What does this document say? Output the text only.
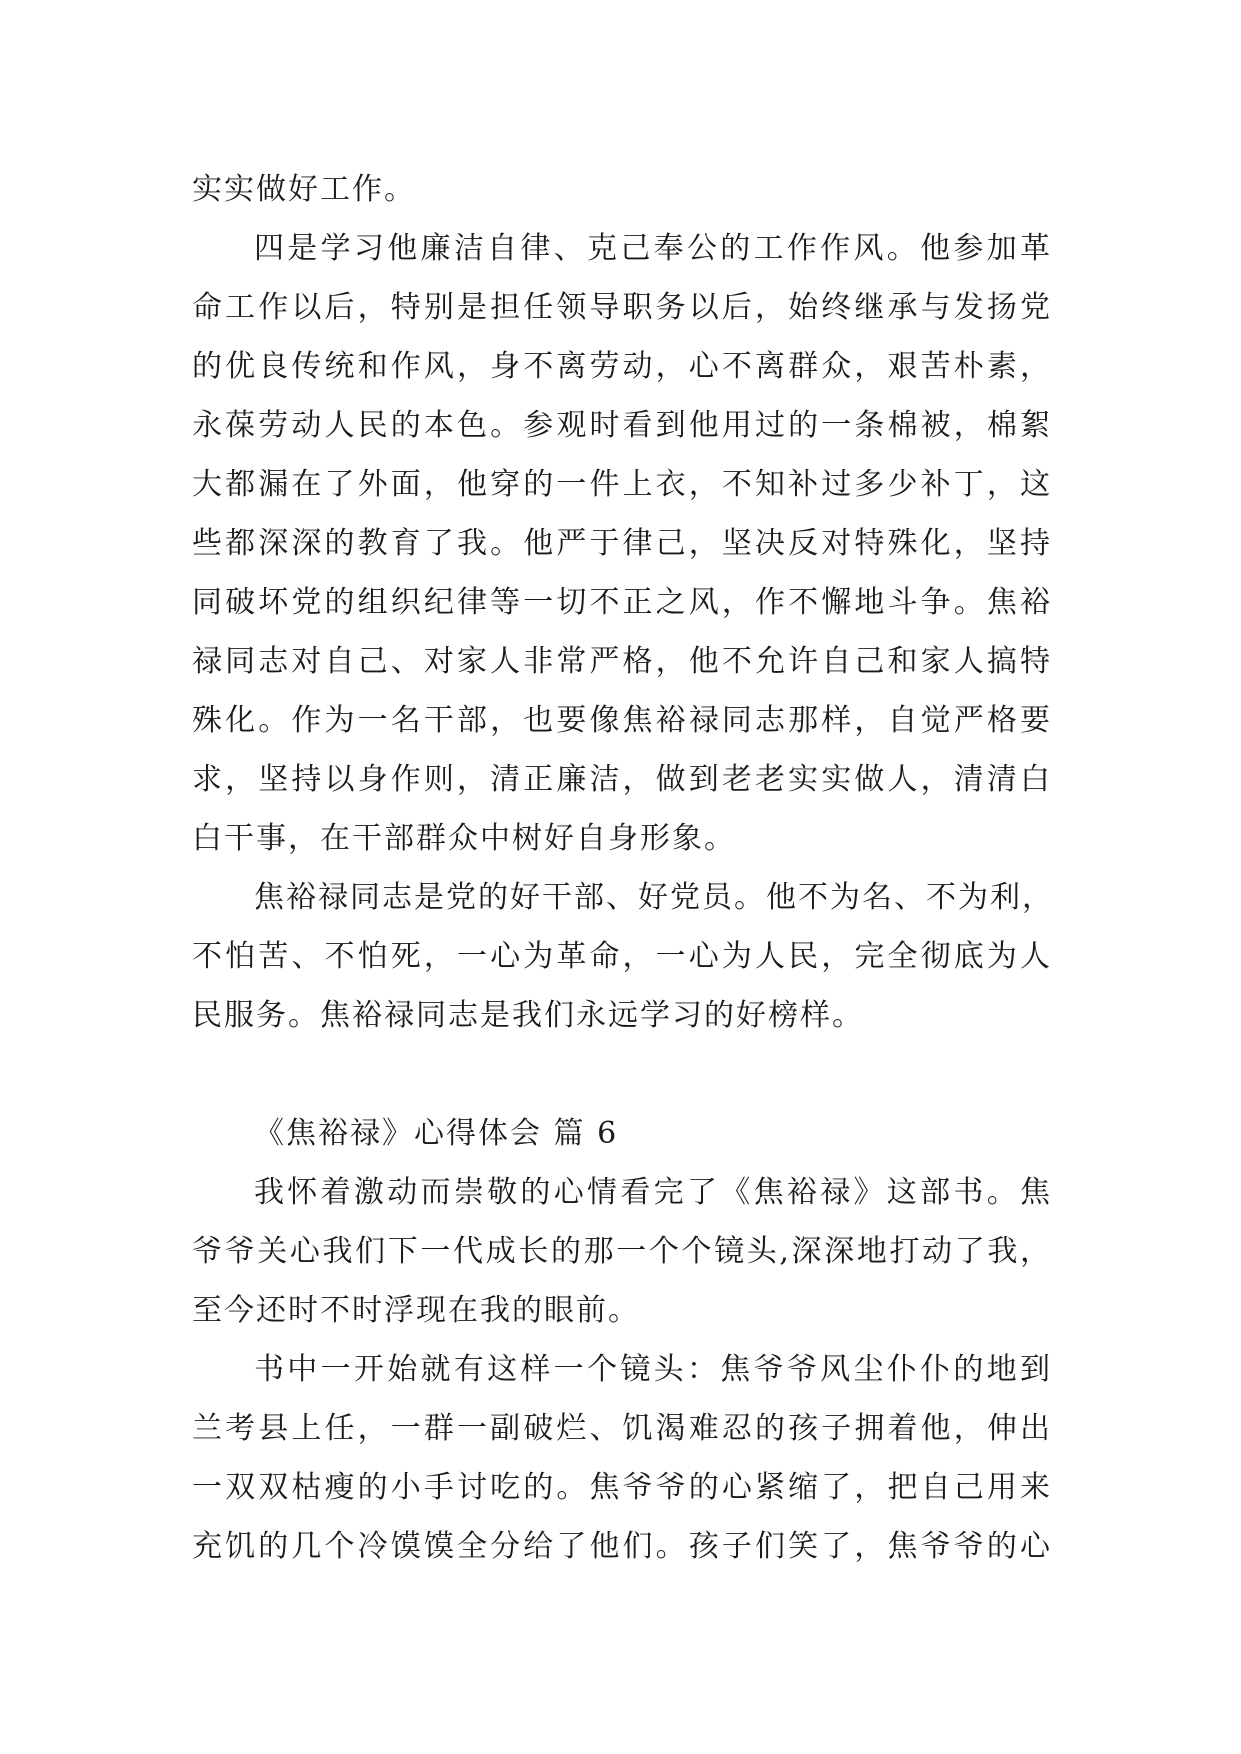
实实做好工作。
四是学习他廉洁自律、克己奉公的工作作风。他参加革
命工作以后，特别是担任领导职务以后，始终继承与发扬党
的优良传统和作风，身不离劳动，心不离群众，艰苦朴素，
永葆劳动人民的本色。参观时看到他用过的一条棉被，棉絮
大都漏在了外面，他穿的一件上衣，不知补过多少补丁，这
些都深深的教育了我。他严于律己，坚决反对特殊化，坚持
同破坏党的组织纪律等一切不正之风，作不懈地斗争。焦裕
禄同志对自己、对家人非常严格，他不允许自己和家人搞特
殊化。作为一名干部，也要像焦裕禄同志那样，自觉严格要
求，坚持以身作则，清正廉洁，做到老老实实做人，清清白
白干事，在干部群众中树好自身形象。
焦裕禄同志是党的好干部、好党员。他不为名、不为利，
不怕苦、不怕死，一心为革命，一心为人民，完全彻底为人
民服务。焦裕禄同志是我们永远学习的好榜样。
《焦裕禄》心得体会 篇 6
我怀着激动而崇敬的心情看完了《焦裕禄》这部书。焦
爷爷关心我们下一代成长的那一个个镜头,深深地打动了我，
至今还时不时浮现在我的眼前。
书中一开始就有这样一个镜头：焦爷爷风尘仆仆的地到
兰考县上任，一群一副破烂、饥渴难忍的孩子拥着他，伸出
一双双枯瘦的小手讨吃的。焦爷爷的心紧缩了，把自己用来
充饥的几个冷馍馍全分给了他们。孩子们笑了，焦爷爷的心
